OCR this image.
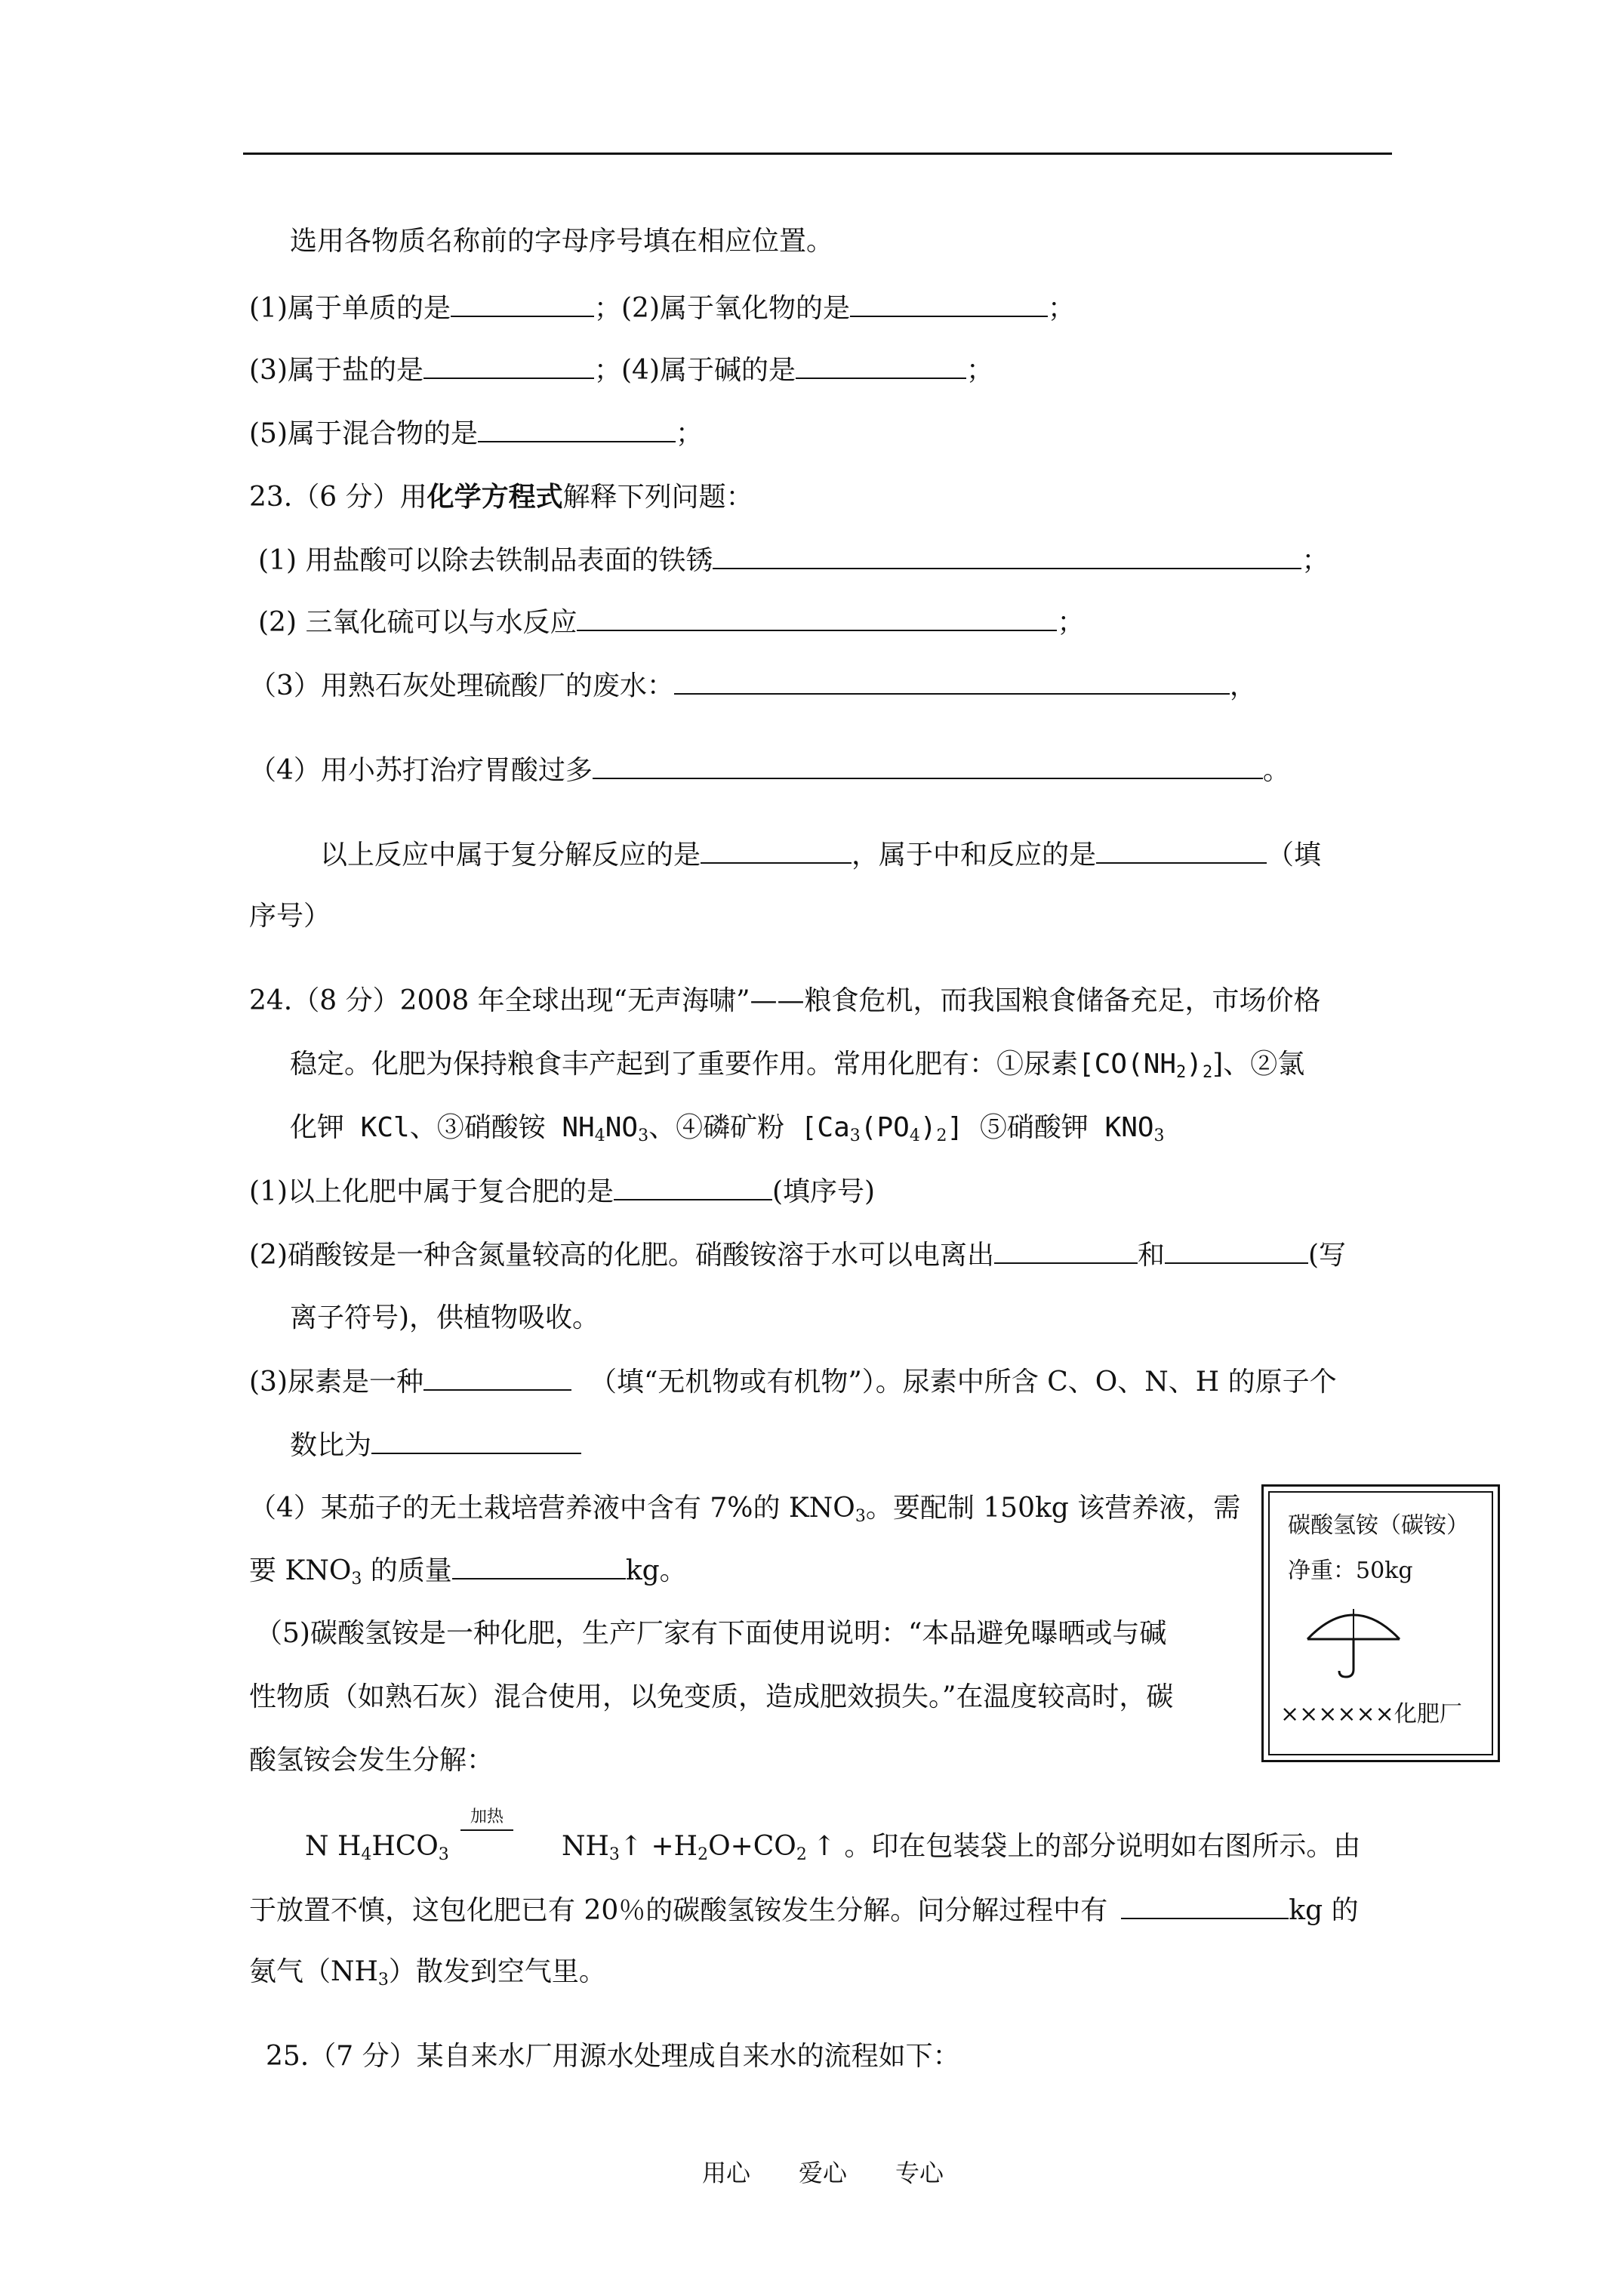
选用各物质名称前的字母序号填在相应位置。
(1)属于单质的是	；(2)属于氧化物的是	；
(3)属于盐的是	；(4)属于碱的是	；
(5)属于混合物的是	；
23.（6 分）用化学方程式解释下列问题：
(1) 用盐酸可以除去铁制品表面的铁锈	；
(2) 三氧化硫可以与水反应	；
（3）用熟石灰处理硫酸厂的废水：	，
（4）用小苏打治疗胃酸过多	。
以上反应中属于复分解反应的是	，属于中和反应的是	（填
序号）
24.（8 分）2008 年全球出现“无声海啸”——粮食危机，而我国粮食储备充足，市场价格
稳定。化肥为保持粮食丰产起到了重要作用。常用化肥有：①尿素$[CO(NH_2)_2]$、②氯
化钾 KCl、③硝酸铵 $NH_4NO_3$、④磷矿粉 $[Ca_3(PO_4)_2]$ ⑤硝酸钾 $KNO_3$
(1)以上化肥中属于复合肥的是	(填序号)
(2)硝酸铵是一种含氮量较高的化肥。硝酸铵溶于水可以电离出	和	(写
离子符号)，供植物吸收。
(3)尿素是一种	（填“无机物或有机物”）。尿素中所含 C、O、N、H 的原子个
数比为
（4）某茄子的无土栽培营养液中含有 7%的 $KNO_3$。要配制 150kg 该营养液，需
要 $KNO_3$ 的质量	kg。
（5)碳酸氢铵是一种化肥，生产厂家有下面使用说明：“本品避免曝晒或与碱
性物质（如熟石灰）混合使用，以免变质，造成肥效损失。”在温度较高时，碳
酸氢铵会发生分解：
N $H_4HCO_3$
加热
$NH_3↑ +H_2O+CO_2$ ↑ 。印在包装袋上的部分说明如右图所示。由
于放置不慎，这包化肥已有 20％的碳酸氢铵发生分解。问分解过程中有	kg 的
氨气$(NH_3)$散发到空气里。
碳酸氢铵（碳铵）
净重：50kg
××××××化肥厂
25.（7 分）某自来水厂用源水处理成自来水的流程如下：
用心 爱心 专心
